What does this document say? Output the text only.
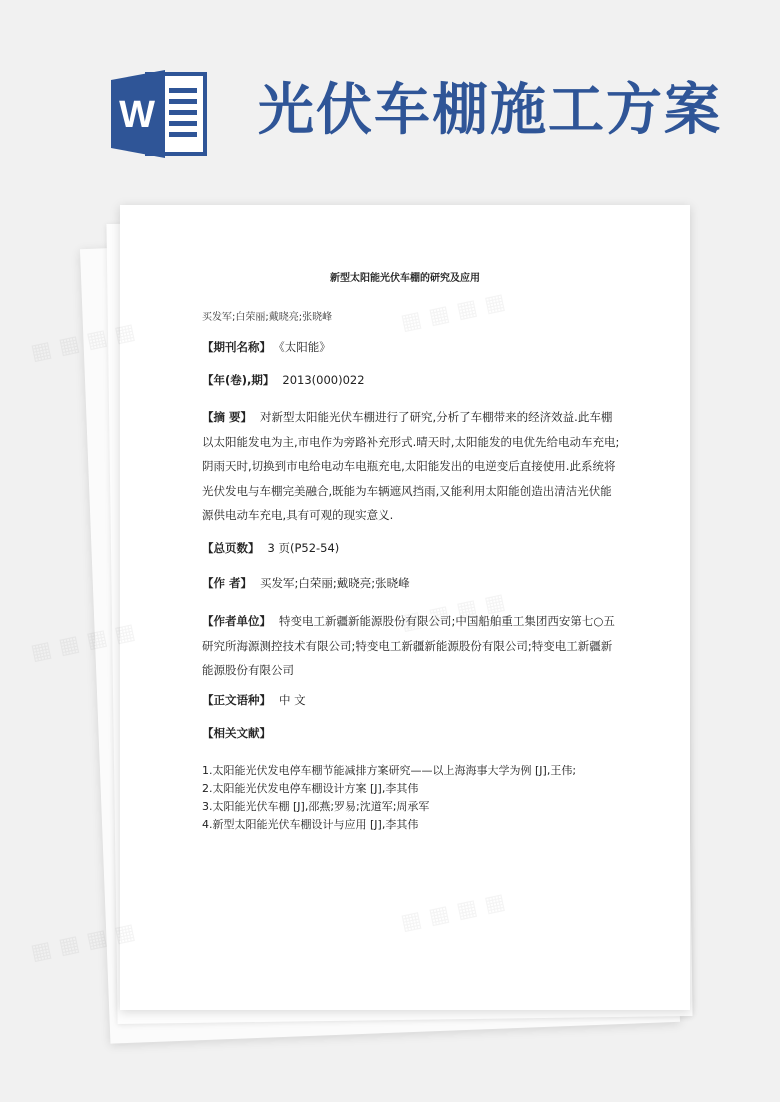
W 光伏车棚施工方案
新型太阳能光伏车棚的研究及应用
买发军;白荣丽;戴晓亮;张晓峰
【期刊名称】 《太阳能》
【年(卷),期】 2013(000)022
【摘 要】 对新型太阳能光伏车棚进行了研究,分析了车棚带来的经济效益.此车棚以太阳能发电为主,市电作为旁路补充形式.晴天时,太阳能发的电优先给电动车充电;阴雨天时,切换到市电给电动车电瓶充电,太阳能发出的电逆变后直接使用.此系统将光伏发电与车棚完美融合,既能为车辆遮风挡雨,又能利用太阳能创造出清洁光伏能源供电动车充电,具有可观的现实意义.
【总页数】 3 页(P52-54)
【作 者】 买发军;白荣丽;戴晓亮;张晓峰
【作者单位】 特变电工新疆新能源股份有限公司;中国船舶重工集团西安第七○五研究所海源测控技术有限公司;特变电工新疆新能源股份有限公司;特变电工新疆新能源股份有限公司
【正文语种】 中 文
【相关文献】
1.太阳能光伏发电停车棚节能减排方案研究——以上海海事大学为例 [J],王伟;
2.太阳能光伏发电停车棚设计方案 [J],李其伟
3.太阳能光伏车棚 [J],邵燕;罗易;沈道军;周承军
4.新型太阳能光伏车棚设计与应用 [J],李其伟
